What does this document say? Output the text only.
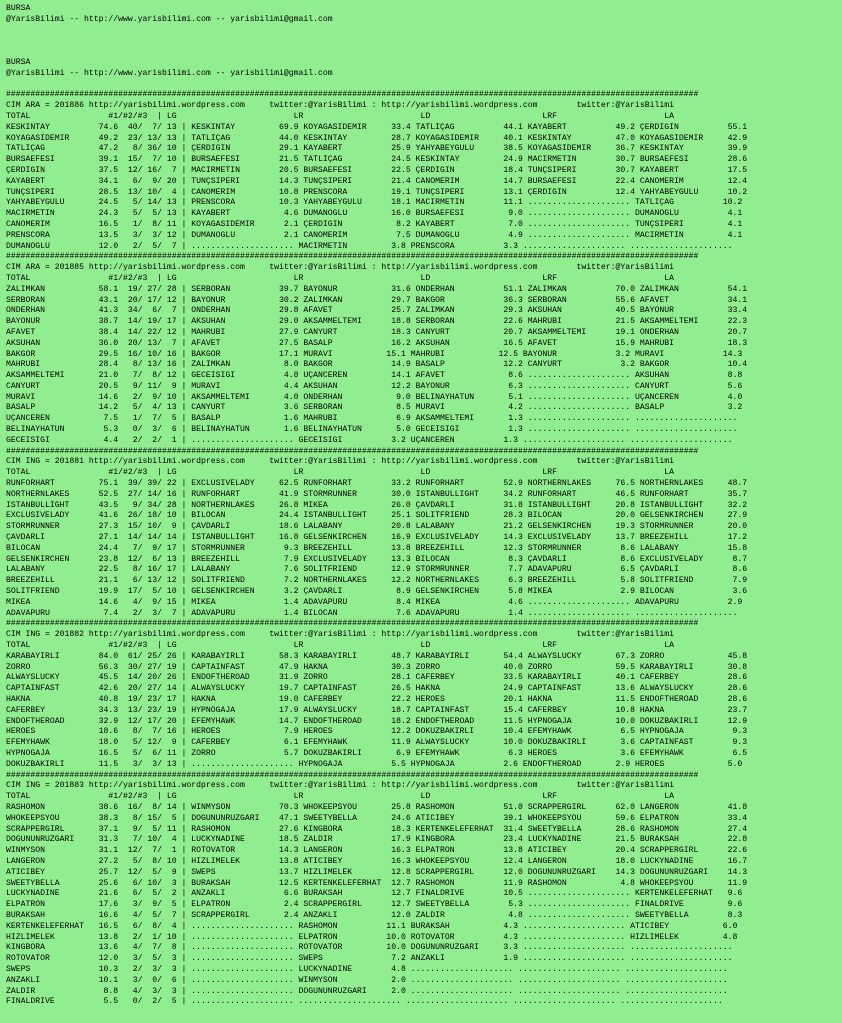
BURSA
@YarisBilimi -- http://www.yarisbilimi.com -- yarisbilimi@gmail.com

BURSA
@YarisBilimi -- http://www.yarisbilimi.com -- yarisbilimi@gmail.com

##############################################################################################################################################
CIM ARA = 201886 http://yarisbilimi.wordpress.com     twitter:@YarisBilimi : http://yarisbilimi.wordpress.com        twitter:@YarisBilimi
TOTAL                #1/#2/#3  | LG                        LR                        LD                       LRF                      LA
KESKINTAY          74.6  40/  7/ 13 | KESKINTAY         69.9 KÖYAGASIDEMIR     33.4 TATLIÇAG          44.1 KAYABERT          49.2 ÇERDIGIN          55.1
KÖYAGASIDEMIR      49.2  23/ 13/ 13 | TATLIÇAG          44.0 KESKINTAY         28.7 KÖYAGASIDEMIR     40.1 KESKINTAY         47.0 KÖYAGASIDEMIR     42.9
TATLIÇAG           47.2   8/ 36/ 10 | ÇERDIGIN          29.1 KAYABERT          25.9 YAHYABEYGÜLÜ      38.5 KÖYAGASIDEMIR     36.7 KESKINTAY         39.9
BURSAEFESI         39.1  15/  7/ 10 | BURSAEFESI        21.5 TATLIÇAG          24.5 KESKINTAY         24.9 MACIRMETIN        30.7 BURSAEFESI        28.6
ÇERDIGIN           37.5  12/ 16/  7 | MACIRMETIN        20.5 BURSAEFESI        22.5 ÇERDIGIN          18.4 TUNÇSIPERI        30.7 KAYABERT          17.5
KAYABERT           34.1   6/  9/ 20 | TUNÇSIPERI        14.3 TUNÇSIPERI        21.4 CANOMERIM         14.7 BURSAEFESI        22.4 CANOMERIM         12.4
TUNÇSIPERI         28.5  13/ 10/  4 | CANOMERIM         10.8 PRENSCORA         19.1 TUNÇSIPERI        13.1 ÇERDIGIN          12.4 YAHYABEYGÜLÜ      10.2
YAHYABEYGÜLÜ       24.5   5/ 14/ 13 | PRENSCORA         10.3 YAHYABEYGÜLÜ      18.1 MACIRMETIN        11.1 ..................... TATLIÇAG          10.2
MACIRMETIN         24.3   5/  5/ 13 | KAYABERT           4.6 DUMANOGLU         16.0 BURSAEFESI         9.0 ..................... DUMANOGLU          4.1
CANOMERIM          16.5   1/  8/ 11 | KÖYAGASIDEMIR      2.1 ÇERDIGIN           8.2 KAYABERT           7.0 ..................... TUNÇSIPERI         4.1
PRENSCORA          13.5   3/  3/ 12 | DUMANOGLU          2.1 CANOMERIM          7.5 DUMANOGLU          4.9 ..................... MACIRMETIN         4.1
DUMANOGLU          12.0   2/  5/  7 | ..................... MACIRMETIN         3.8 PRENSCORA          3.3 ..................... .....................
##############################################################################################################################################
CIM ARA = 201885 http://yarisbilimi.wordpress.com     twitter:@YarisBilimi : http://yarisbilimi.wordpress.com        twitter:@YarisBilimi
TOTAL                #1/#2/#3  | LG                        LR                        LD                       LRF                      LA
ZALIMKAN           58.1  19/ 27/ 28 | SERBORAN          39.7 BAYONUR           31.6 ÖNDERHAN          51.1 ZALIMKAN          70.0 ZALIMKAN          54.1
SERBORAN           43.1  20/ 17/ 12 | BAYONUR           30.2 ZALIMKAN          29.7 BAKGÖR            36.3 SERBORAN          55.6 AFAVET            34.1
ÖNDERHAN           41.3  34/  6/  7 | ÖNDERHAN          29.8 AFAVET            25.7 ZALIMKAN          29.3 AKSUHAN           40.5 BAYONUR           33.4
BAYONUR            38.7  14/ 19/ 17 | AKSUHAN           29.0 AKSAMMELTEMI      18.8 SERBORAN          22.6 MAHRUBI           21.5 AKSAMMELTEMI      22.3
AFAVET             38.4  14/ 22/ 12 | MAHRUBI           27.9 CANYURT           18.3 CANYURT           20.7 AKSAMMELTEMI      19.1 ÖNDERHAN          20.7
AKSUHAN            36.0  20/ 13/  7 | AFAVET            27.5 BASALP            16.2 AKSUHAN           16.5 AFAVET            15.9 MAHRUBI           18.3
BAKGÖR             29.5  16/ 10/ 16 | BAKGÖR            17.1 MÜRAVI           15.1 MAHRUBI           12.5 BAYONUR            3.2 MÜRAVI            14.3
MAHRUBI            28.4   8/ 13/ 16 | ZALIMKAN           8.0 BAKGÖR            14.9 BASALP            12.2 CANYURT            3.2 BAKGÖR            10.4
AKSAMMELTEMI       21.0   7/  8/ 12 | GECEISIGI          4.8 UÇANCEREN         14.1 AFAVET             8.6 ..................... AKSUHAN            8.8
CANYURT            20.5   9/ 11/  9 | MÜRAVI             4.4 AKSUHAN           12.2 BAYONUR            6.3 ..................... CANYURT            5.6
MÜRAVI             14.6   2/  9/ 10 | AKSAMMELTEMI       4.0 ÖNDERHAN           9.0 BELINAYHATUN       5.1 ..................... UÇANCEREN          4.0
BASALP             14.2   5/  4/ 13 | CANYURT            3.6 SERBORAN           8.5 MÜRAVI             4.2 ..................... BASALP             3.2
UÇANCEREN           7.5   1/  7/  5 | BASALP             1.6 MAHRUBI            6.9 AKSAMMELTEMI       1.3 ..................... .....................
BELINAYHATUN        5.3   0/  3/  6 | BELINAYHATUN       1.6 BELINAYHATUN       5.0 GECEISIGI          1.3 ..................... .....................
GECEISIGI           4.4   2/  2/  1 | ..................... GECEISIGI          3.2 UÇANCEREN          1.3 ..................... .....................
##############################################################################################################################################
CIM ING = 201881 http://yarisbilimi.wordpress.com     twitter:@YarisBilimi : http://yarisbilimi.wordpress.com        twitter:@YarisBilimi
TOTAL                #1/#2/#3  | LG                        LR                        LD                       LRF                      LA
RUNFORHART         75.1  39/ 39/ 22 | EXCLUSIVELADY     62.5 RUNFORHART        33.2 RUNFORHART        52.9 NORTHERNLAKES     76.5 NORTHERNLAKES     48.7
NORTHERNLAKES      52.5  27/ 14/ 16 | RUNFORHART        41.9 STORMRUNNER       30.0 ISTANBULLIGHT     34.2 RUNFORHART        46.5 RUNFORHART        35.7
ISTANBULLIGHT      43.5   9/ 34/ 28 | NORTHERNLAKES     26.8 MIKEA             26.0 ÇAVDARLI          31.8 ISTANBULLIGHT     20.8 ISTANBULLIGHT     32.2
EXCLUSIVELADY      41.6  26/ 18/ 10 | BILOCAN           24.4 ISTANBULLIGHT     25.1 SOLITFRIEND       28.3 BILOCAN           20.0 GELSENKIRCHEN     27.9
STORMRUNNER        27.3  15/ 10/  9 | ÇAVDARLI          18.6 LALABANY          20.8 LALABANY          21.2 GELSENKIRCHEN     19.3 STORMRUNNER       20.0
ÇAVDARLI           27.1  14/ 14/ 14 | ISTANBULLIGHT     16.8 GELSENKIRCHEN     16.9 EXCLUSIVELADY     14.3 EXCLUSIVELADY     13.7 BREEZEHILL        17.2
BILOCAN            24.4   7/  9/ 17 | STORMRUNNER        9.3 BREEZEHILL        13.8 BREEZEHILL        12.3 STORMRUNNER        8.6 LALABANY          15.8
GELSENKIRCHEN      23.8  12/  6/ 13 | BREEZEHILL         7.9 EXCLUSIVELADY     13.3 BILOCAN            8.3 ÇAVDARLI           8.6 EXCLUSIVELADY      8.7
LALABANY           22.5   8/ 16/ 17 | LALABANY           7.6 SOLITFRIEND       12.9 STORMRUNNER        7.7 ADAVAPURU          6.5 ÇAVDARLI           8.6
BREEZEHILL         21.1   6/ 13/ 12 | SOLITFRIEND        7.2 NORTHERNLAKES     12.2 NORTHERNLAKES      6.3 BREEZEHILL         5.8 SOLITFRIEND        7.9
SOLITFRIEND        19.9  17/  5/ 10 | GELSENKIRCHEN      3.2 ÇAVDARLI           8.9 GELSENKIRCHEN      5.8 MIKEA              2.9 BILOCAN            3.6
MIKEA              14.6   4/  9/ 15 | MIKEA              1.4 ADAVAPURU          8.4 MIKEA              4.6 ..................... ADAVAPURU          2.9
ADAVAPURU           7.4   2/  3/  7 | ADAVAPURU          1.4 BILOCAN            7.6 ADAVAPURU          1.4 ..................... .....................
##############################################################################################################################################
CIM ING = 201882 http://yarisbilimi.wordpress.com     twitter:@YarisBilimi : http://yarisbilimi.wordpress.com        twitter:@YarisBilimi
TOTAL                #1/#2/#3  | LG                        LR                        LD                       LRF                      LA
KARABAYIRLI        84.0  61/ 25/ 26 | KARABAYIRLI       58.3 KARABAYIRLI       48.7 KARABAYIRLI       54.4 ALWAYSLUCKY       67.3 ZORRO             45.8
ZORRO              56.3  30/ 27/ 19 | CAPTAINFAST       47.9 HAKNA             30.3 ZORRO             40.0 ZORRO             59.5 KARABAYIRLI       30.8
ALWAYSLUCKY        45.5  14/ 20/ 26 | ENDOFTHEROAD      31.9 ZORRO             28.1 CAFERBEY          33.5 KARABAYIRLI       40.1 CAFERBEY          28.6
CAPTAINFAST        42.6  20/ 27/ 14 | ALWAYSLUCKY       19.7 CAPTAINFAST       26.5 HAKNA             24.9 CAPTAINFAST       13.6 ALWAYSLUCKY       28.6
HAKNA              40.8  19/ 23/ 17 | HAKNA             19.0 CAFERBEY          22.2 HEROES            20.1 HAKNA             11.5 ENDOFTHEROAD      28.6
CAFERBEY           34.3  13/ 23/ 19 | HYPNOGAJA         17.9 ALWAYSLUCKY       18.7 CAPTAINFAST       15.4 CAFERBEY          10.8 HAKNA             23.7
ENDOFTHEROAD       32.9  12/ 17/ 20 | EFEMYHAWK         14.7 ENDOFTHEROAD      18.2 ENDOFTHEROAD      11.5 HYPNOGAJA         10.0 DOKUZBAKIRLI      12.9
HEROES             18.6   8/  7/ 16 | HEROES             7.9 HEROES            12.2 DOKUZBAKIRLI      10.4 EFEMYHAWK          6.5 HYPNOGAJA          9.3
EFEMYHAWK          18.0   5/ 12/  9 | CAFERBEY           6.1 EFEMYHAWK         11.9 ALWAYSLUCKY       10.0 DOKUZBAKIRLI       3.6 CAPTAINFAST        9.3
HYPNOGAJA          16.5   5/  6/ 11 | ZORRO              5.7 DOKUZBAKIRLI       6.9 EFEMYHAWK          6.3 HEROES             3.6 EFEMYHAWK          6.5
DOKUZBAKIRLI       11.5   3/  3/ 13 | ..................... HYPNOGAJA          5.5 HYPNOGAJA          2.6 ENDOFTHEROAD       2.9 HEROES             5.0
##############################################################################################################################################
CIM ING = 201883 http://yarisbilimi.wordpress.com     twitter:@YarisBilimi : http://yarisbilimi.wordpress.com        twitter:@YarisBilimi
TOTAL                #1/#2/#3  | LG                        LR                        LD                       LRF                      LA
RASHOMON           38.6  16/  8/ 14 | WINMYSON          70.3 WHOKEEPSYOU       25.8 RASHOMON          51.0 SCRAPPERGIRL      62.0 LANGERON          41.8
WHOKEEPSYOU        38.3   8/ 15/  5 | DOGUNUNRÜZGARI    47.1 SWEETYBELLA       24.6 ATICIBEY          39.1 WHOKEEPSYOU       59.6 ELPATRON          33.4
SCRAPPERGIRL       37.1   9/  5/ 11 | RASHOMON          27.6 KINGBORA          18.3 KERTENKELEFERHAT  31.4 SWEETYBELLA       28.6 RASHOMON          27.4
DOGUNUNRÜZGARI     31.3   7/ 10/  4 | LUCKYNADINE       18.5 ZALDIR            17.9 KINGBORA          23.4 LUCKYNADINE       21.5 BURAKSAH          22.8
WINMYSON           31.1  12/  7/  1 | ROTOVATÖR         14.3 LANGERON          16.3 ELPATRON          13.8 ATICIBEY          20.4 SCRAPPERGIRL      22.6
LANGERON           27.2   5/  8/ 10 | HIZLIMELEK        13.8 ATICIBEY          16.3 WHOKEEPSYOU       12.4 LANGERON          18.0 LUCKYNADINE       16.7
ATICIBEY           25.7  12/  5/  9 | SWEPS             13.7 HIZLIMELEK        12.8 SCRAPPERGIRL      12.0 DOGUNUNRÜZGARI    14.3 DOGUNUNRÜZGARI    14.3
SWEETYBELLA        25.6   6/ 10/  3 | BURAKSAH          12.5 KERTENKELEFERHAT  12.7 RASHOMON          11.9 RASHOMON           4.8 WHOKEEPSYOU       11.9
LUCKYNADINE        21.6   6/  5/  2 | ANZAKLI            6.6 BURAKSAH          12.7 FINALDRIVE        10.5 ..................... KERTENKELEFERHAT   9.6
ELPATRON           17.6   3/  9/  5 | ELPATRON           2.4 SCRAPPERGIRL      12.7 SWEETYBELLA        5.3 ..................... FINALDRIVE         9.6
BURAKSAH           16.6   4/  5/  7 | SCRAPPERGIRL       2.4 ANZAKLI           12.0 ZALDIR             4.8 ..................... SWEETYBELLA        8.3
KERTENKELEFERHAT   16.5   6/  8/  4 | ..................... RASHOMON          11.1 BURAKSAH           4.3 ..................... ATICIBEY           6.0
HIZLIMELEK         13.8   2/  1/ 10 | ..................... ELPATRON          10.0 ROTOVATÖR          4.3 ..................... HIZLIMELEK         4.8
KINGBORA           13.6   4/  7/  8 | ..................... ROTOVATÖR         10.0 DOGUNUNRÜZGARI     3.3 ..................... .....................
ROTOVATÖR          12.0   3/  5/  3 | ..................... SWEPS              7.2 ANZAKLI            1.9 ..................... .....................
SWEPS              10.3   2/  3/  3 | ..................... LUCKYNADINE        4.8 ..................... ..................... .....................
ANZAKLI            10.1   3/  0/  6 | ..................... WINMYSON           2.0 ..................... ..................... .....................
ZALDIR              8.8   4/  3/  3 | ..................... DOGUNUNRÜZGARI     2.0 ..................... ..................... .....................
FINALDRIVE          5.5   0/  2/  5 | ..................... ..................... ..................... ..................... .....................
